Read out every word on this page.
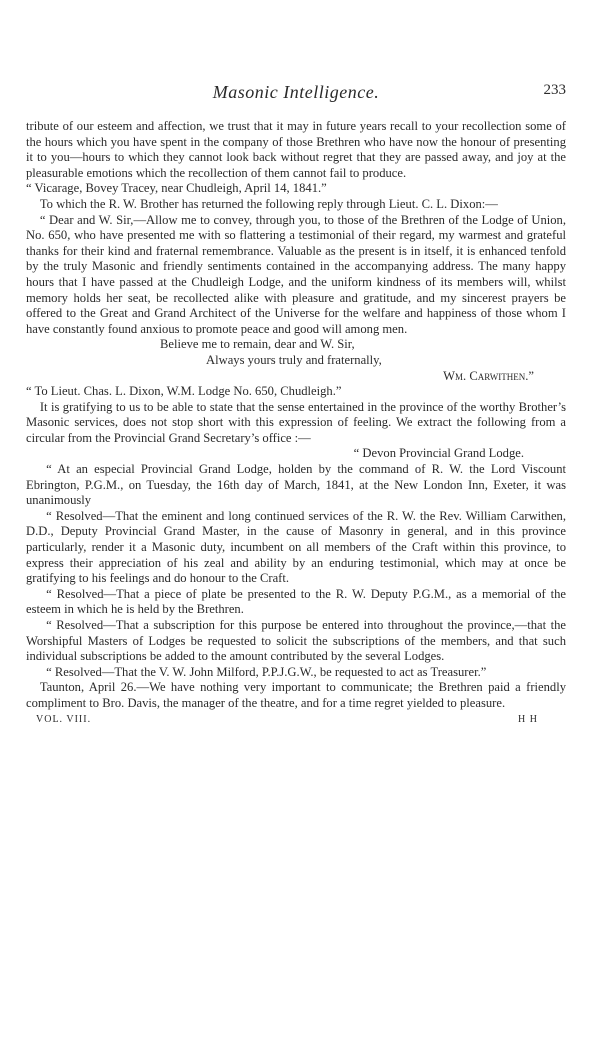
Masonic Intelligence.	233

tribute of our esteem and affection, we trust that it may in future years recall to your recollection some of the hours which you have spent in the company of those Brethren who have now the honour of presenting it to you—hours to which they cannot look back without regret that they are passed away, and joy at the pleasurable emotions which the recollection of them cannot fail to produce.

“ Vicarage, Bovey Tracey, near Chudleigh, April 14, 1841.”

To which the R. W. Brother has returned the following reply through Lieut. C. L. Dixon:—

“ Dear and W. Sir,—Allow me to convey, through you, to those of the Brethren of the Lodge of Union, No. 650, who have presented me with so flattering a testimonial of their regard, my warmest and grateful thanks for their kind and fraternal remembrance. Valuable as the present is in itself, it is enhanced tenfold by the truly Masonic and friendly sentiments contained in the accompanying address. The many happy hours that I have passed at the Chudleigh Lodge, and the uniform kindness of its members will, whilst memory holds her seat, be recollected alike with pleasure and gratitude, and my sincerest prayers be offered to the Great and Grand Architect of the Universe for the welfare and happiness of those whom I have constantly found anxious to promote peace and good will among men.

Believe me to remain, dear and W. Sir,

Always yours truly and fraternally,

Wm. Carwithen.”

“ To Lieut. Chas. L. Dixon, W.M. Lodge No. 650, Chudleigh.”

It is gratifying to us to be able to state that the sense entertained in the province of the worthy Brother’s Masonic services, does not stop short with this expression of feeling. We extract the following from a circular from the Provincial Grand Secretary’s office :—

“ Devon Provincial Grand Lodge.

“ At an especial Provincial Grand Lodge, holden by the command of R. W. the Lord Viscount Ebrington, P.G.M., on Tuesday, the 16th day of March, 1841, at the New London Inn, Exeter, it was unanimously

“ Resolved—That the eminent and long continued services of the R. W. the Rev. William Carwithen, D.D., Deputy Provincial Grand Master, in the cause of Masonry in general, and in this province particularly, render it a Masonic duty, incumbent on all members of the Craft within this province, to express their appreciation of his zeal and ability by an enduring testimonial, which may at once be gratifying to his feelings and do honour to the Craft.

“ Resolved—That a piece of plate be presented to the R. W. Deputy P.G.M., as a memorial of the esteem in which he is held by the Brethren.

“ Resolved—That a subscription for this purpose be entered into throughout the province,—that the Worshipful Masters of Lodges be requested to solicit the subscriptions of the members, and that such individual subscriptions be added to the amount contributed by the several Lodges.

“ Resolved—That the V. W. John Milford, P.P.J.G.W., be requested to act as Treasurer.”

Taunton, April 26.—We have nothing very important to communicate; the Brethren paid a friendly compliment to Bro. Davis, the manager of the theatre, and for a time regret yielded to pleasure.

VOL. VIII.	H H
